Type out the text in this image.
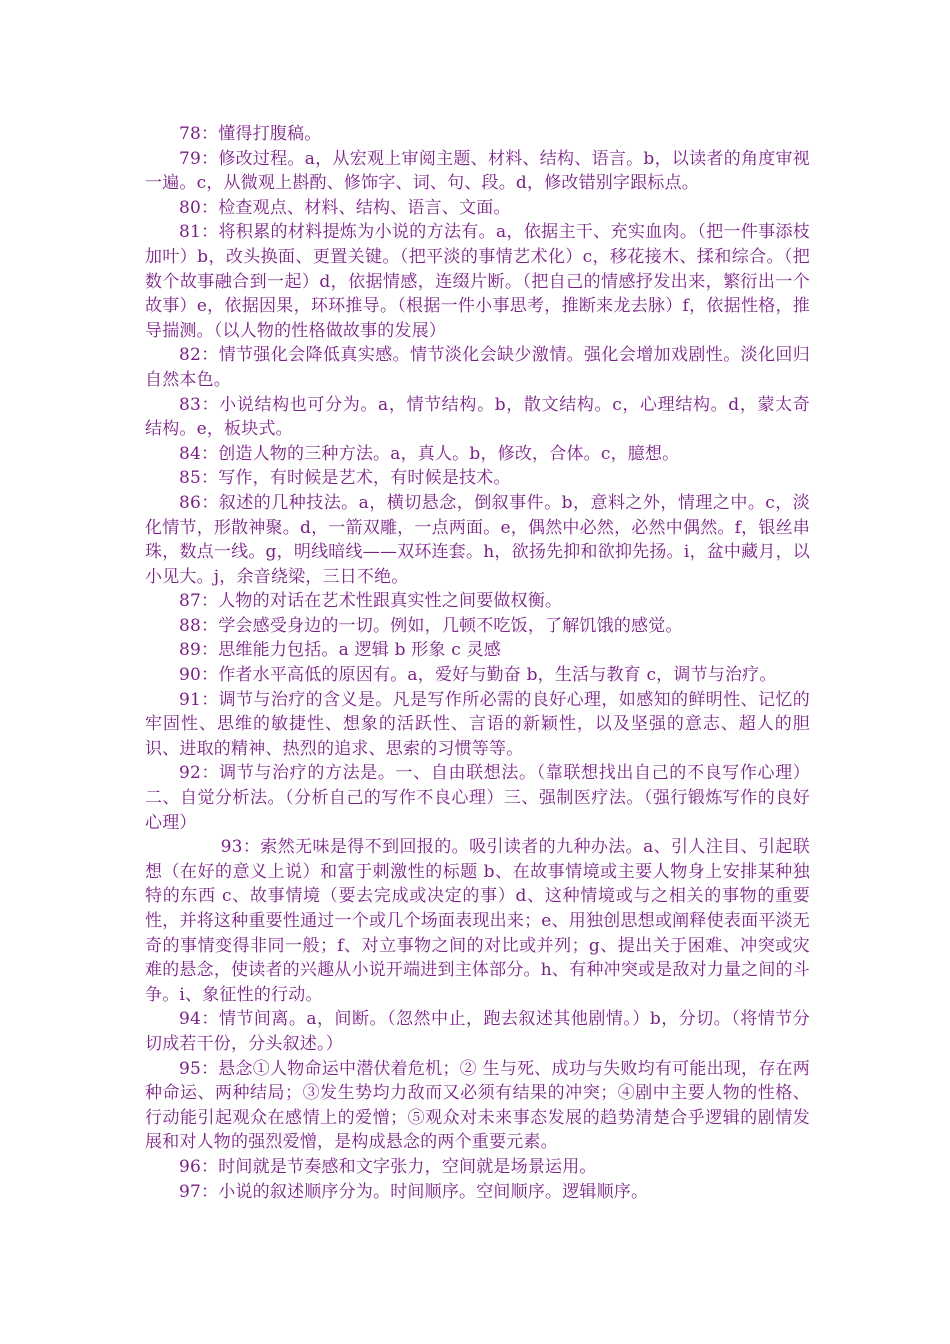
78：懂得打腹稿。

79：修改过程。a，从宏观上审阅主题、材料、结构、语言。b，以读者的角度审视一遍。c，从微观上斟酌、修饰字、词、句、段。d，修改错别字跟标点。

80：检查观点、材料、结构、语言、文面。

81：将积累的材料提炼为小说的方法有。a，依据主干、充实血肉。（把一件事添枝加叶）b，改头换面、更置关键。（把平淡的事情艺术化）c，移花接木、揉和综合。（把数个故事融合到一起）d，依据情感，连缀片断。（把自己的情感抒发出来，繁衍出一个故事）e，依据因果，环环推导。（根据一件小事思考，推断来龙去脉）f，依据性格，推导揣测。（以人物的性格做故事的发展）

82：情节强化会降低真实感。情节淡化会缺少激情。强化会增加戏剧性。淡化回归自然本色。

83：小说结构也可分为。a，情节结构。b，散文结构。c，心理结构。d，蒙太奇结构。e，板块式。

84：创造人物的三种方法。a，真人。b，修改，合体。c，臆想。

85：写作，有时候是艺术，有时候是技术。

86：叙述的几种技法。a，横切悬念，倒叙事件。b，意料之外，情理之中。c，淡化情节，形散神聚。d，一箭双雕，一点两面。e，偶然中必然，必然中偶然。f，银丝串珠，数点一线。g，明线暗线——双环连套。h，欲扬先抑和欲抑先扬。i，盆中藏月，以小见大。j，余音绕梁，三日不绝。

87：人物的对话在艺术性跟真实性之间要做权衡。

88：学会感受身边的一切。例如，几顿不吃饭，了解饥饿的感觉。

89：思维能力包括。a 逻辑 b 形象 c 灵感

90：作者水平高低的原因有。a，爱好与勤奋 b，生活与教育 c，调节与治疗。

91：调节与治疗的含义是。凡是写作所必需的良好心理，如感知的鲜明性、记忆的牢固性、思维的敏捷性、想象的活跃性、言语的新颖性，以及坚强的意志、超人的胆识、进取的精神、热烈的追求、思索的习惯等等。

92：调节与治疗的方法是。一、自由联想法。（靠联想找出自己的不良写作心理）二、自觉分析法。（分析自己的写作不良心理）三、强制医疗法。（强行锻炼写作的良好心理）

93：索然无味是得不到回报的。吸引读者的九种办法。a、引人注目、引起联想（在好的意义上说）和富于刺激性的标题 b、在故事情境或主要人物身上安排某种独特的东西 c、故事情境（要去完成或决定的事）d、这种情境或与之相关的事物的重要性，并将这种重要性通过一个或几个场面表现出来；e、用独创思想或阐释使表面平淡无奇的事情变得非同一般；f、对立事物之间的对比或并列；g、提出关于困难、冲突或灾难的悬念，使读者的兴趣从小说开端进到主体部分。h、有种冲突或是敌对力量之间的斗争。i、象征性的行动。

94：情节间离。a，间断。（忽然中止，跑去叙述其他剧情。）b，分切。（将情节分切成若干份，分头叙述。）

95：悬念①人物命运中潜伏着危机；② 生与死、成功与失败均有可能出现，存在两种命运、两种结局；③发生势均力敌而又必须有结果的冲突；④剧中主要人物的性格、行动能引起观众在感情上的爱憎；⑤观众对未来事态发展的趋势清楚合乎逻辑的剧情发展和对人物的强烈爱憎，是构成悬念的两个重要元素。

96：时间就是节奏感和文字张力，空间就是场景运用。

97：小说的叙述顺序分为。时间顺序。空间顺序。逻辑顺序。
